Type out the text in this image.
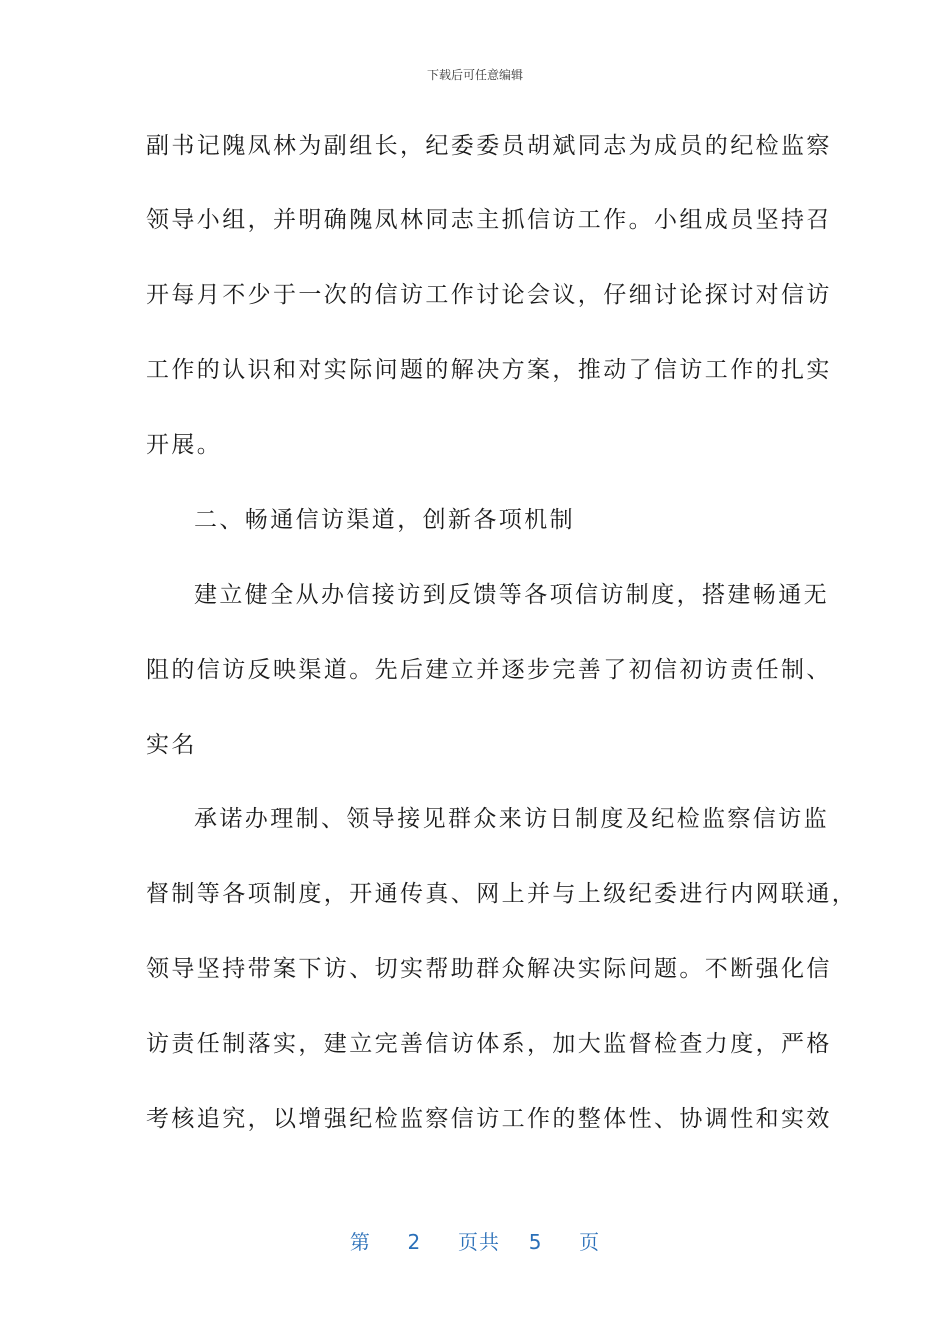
下载后可任意编辑
副书记隗凤林为副组长，纪委委员胡斌同志为成员的纪检监察
领导小组，并明确隗凤林同志主抓信访工作。小组成员坚持召
开每月不少于一次的信访工作讨论会议，仔细讨论探讨对信访
工作的认识和对实际问题的解决方案，推动了信访工作的扎实
开展。
二、畅通信访渠道，创新各项机制
建立健全从办信接访到反馈等各项信访制度，搭建畅通无
阻的信访反映渠道。先后建立并逐步完善了初信初访责任制、
实名
承诺办理制、领导接见群众来访日制度及纪检监察信访监
督制等各项制度，开通传真、网上并与上级纪委进行内网联通，
领导坚持带案下访、切实帮助群众解决实际问题。不断强化信
访责任制落实，建立完善信访体系，加大监督检查力度，严格
考核追究，以增强纪检监察信访工作的整体性、协调性和实效
第 2 页共 5 页
